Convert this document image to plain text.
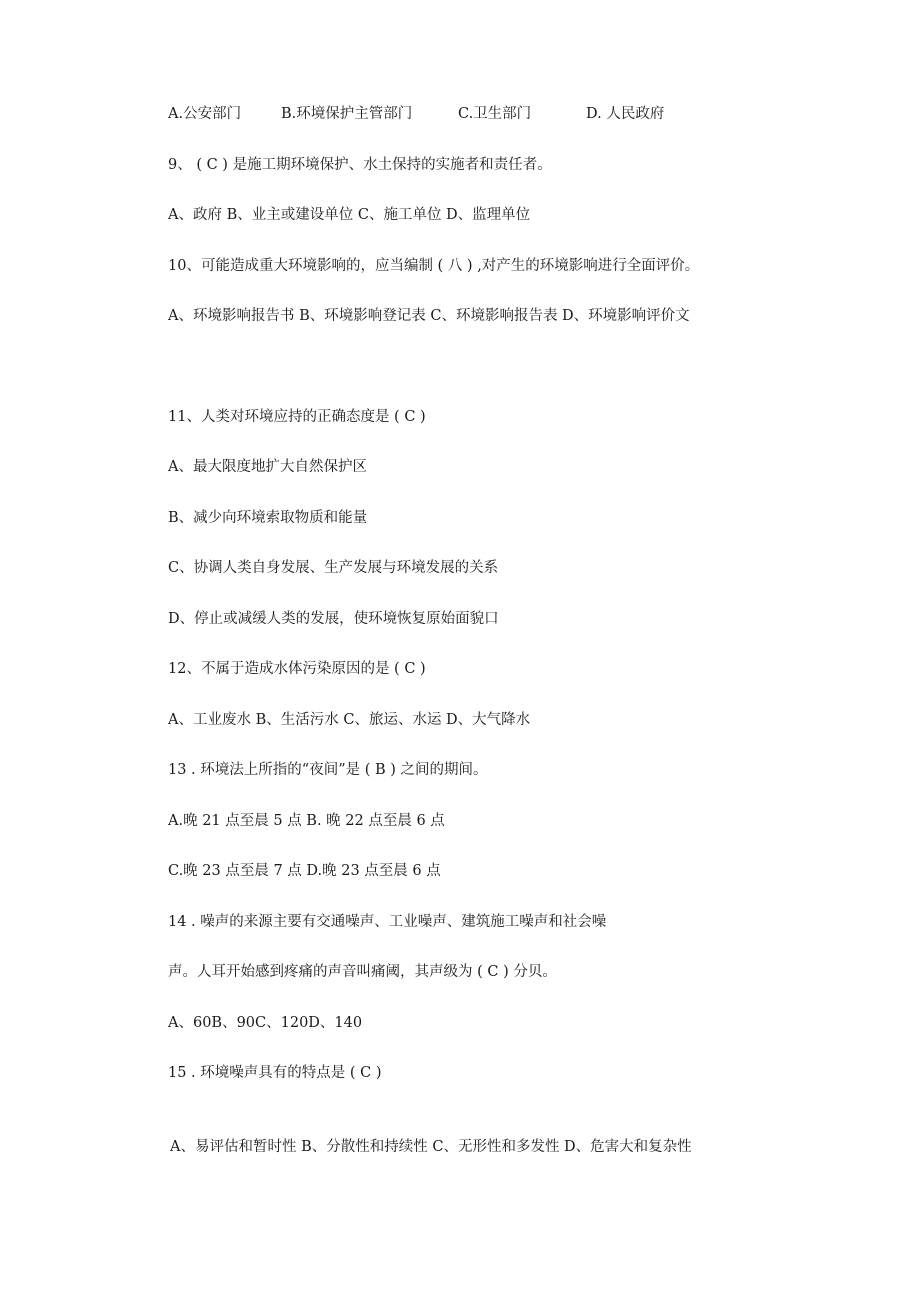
A.公安部门	B.环境保护主管部门	C.卫生部门	D. 人民政府
9、 ( C ) 是施工期环境保护、水土保持的实施者和责任者。
A、政府 B、业主或建设单位 C、施工单位 D、监理单位
10、可能造成重大环境影响的，应当编制 ( 八 ) ,对产生的环境影响进行全面评价。
A、环境影响报告书 B、环境影响登记表 C、环境影响报告表 D、环境影响评价文
11、人类对环境应持的正确态度是 ( C )
A、最大限度地扩大自然保护区
B、减少向环境索取物质和能量
C、协调人类自身发展、生产发展与环境发展的关系
D、停止或减缓人类的发展，使环境恢复原始面貌口
12、不属于造成水体污染原因的是 ( C )
A、工业废水 B、生活污水 C、旅运、水运 D、大气降水
13 . 环境法上所指的“夜间”是 ( B ) 之间的期间。
A.晚 21 点至晨 5 点 B. 晚 22 点至晨 6 点
C.晚 23 点至晨 7 点 D.晚 23 点至晨 6 点
14 . 噪声的来源主要有交通噪声、工业噪声、建筑施工噪声和社会噪
声。人耳开始感到疼痛的声音叫痛阈，其声级为 ( C ) 分贝。
A、60B、90C、120D、140
15 . 环境噪声具有的特点是 ( C )
A、易评估和暂时性 B、分散性和持续性 C、无形性和多发性 D、危害大和复杂性
